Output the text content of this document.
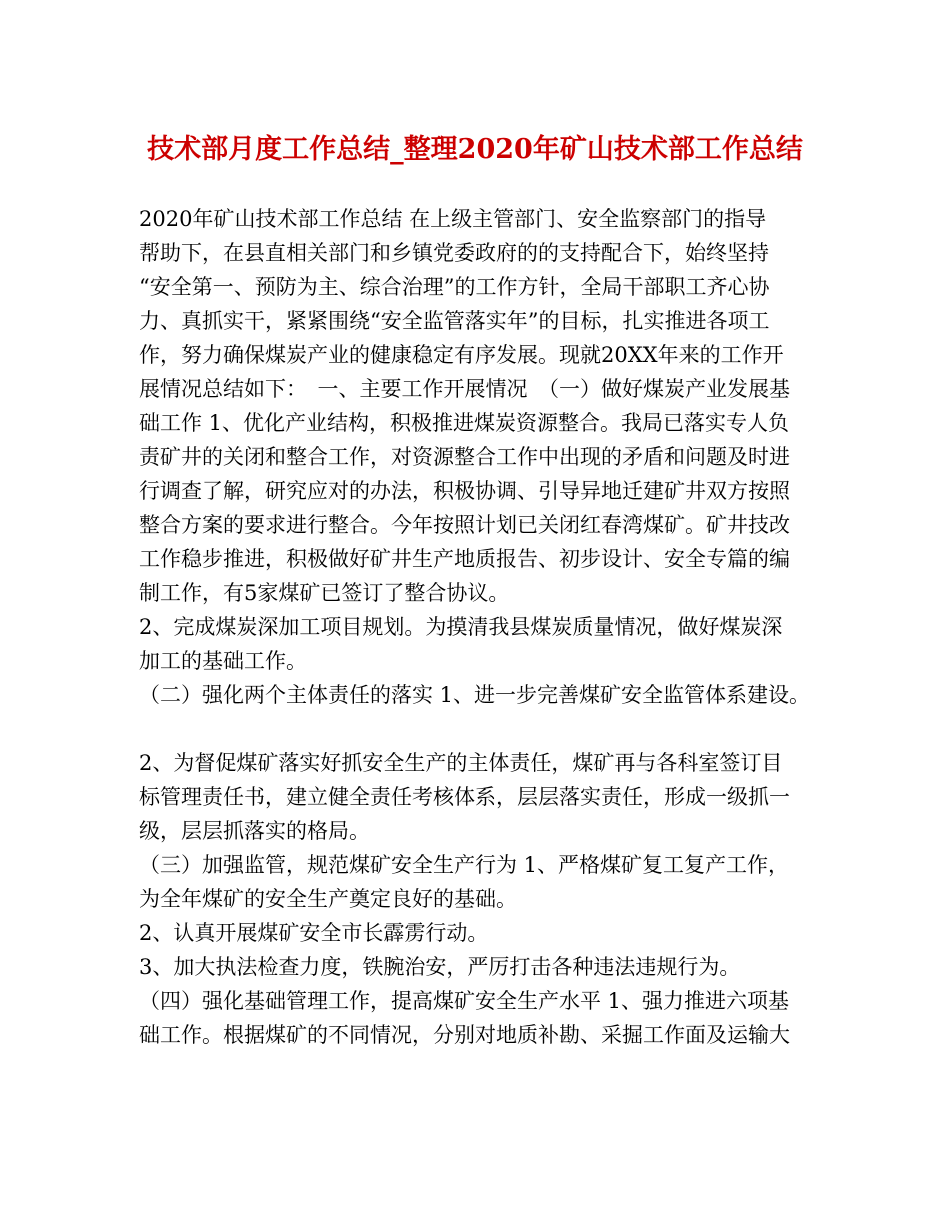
技术部月度工作总结_整理2020年矿山技术部工作总结
2020年矿山技术部工作总结 在上级主管部门、安全监察部门的指导
帮助下，在县直相关部门和乡镇党委政府的的支持配合下，始终坚持
“安全第一、预防为主、综合治理”的工作方针，全局干部职工齐心协
力、真抓实干，紧紧围绕“安全监管落实年”的目标，扎实推进各项工
作，努力确保煤炭产业的健康稳定有序发展。现就20XX年来的工作开
展情况总结如下：　一、主要工作开展情况　（一）做好煤炭产业发展基
础工作 1、优化产业结构，积极推进煤炭资源整合。我局已落实专人负
责矿井的关闭和整合工作，对资源整合工作中出现的矛盾和问题及时进
行调查了解，研究应对的办法，积极协调、引导异地迁建矿井双方按照
整合方案的要求进行整合。今年按照计划已关闭红春湾煤矿。矿井技改
工作稳步推进，积极做好矿井生产地质报告、初步设计、安全专篇的编
制工作，有5家煤矿已签订了整合协议。
2、完成煤炭深加工项目规划。为摸清我县煤炭质量情况，做好煤炭深
加工的基础工作。
（二）强化两个主体责任的落实 1、进一步完善煤矿安全监管体系建设。
2、为督促煤矿落实好抓安全生产的主体责任，煤矿再与各科室签订目
标管理责任书，建立健全责任考核体系，层层落实责任，形成一级抓一
级，层层抓落实的格局。
（三）加强监管，规范煤矿安全生产行为 1、严格煤矿复工复产工作，
为全年煤矿的安全生产奠定良好的基础。
2、认真开展煤矿安全市长霹雳行动。
3、加大执法检查力度，铁腕治安，严厉打击各种违法违规行为。
（四）强化基础管理工作，提高煤矿安全生产水平 1、强力推进六项基
础工作。根据煤矿的不同情况，分别对地质补勘、采掘工作面及运输大
